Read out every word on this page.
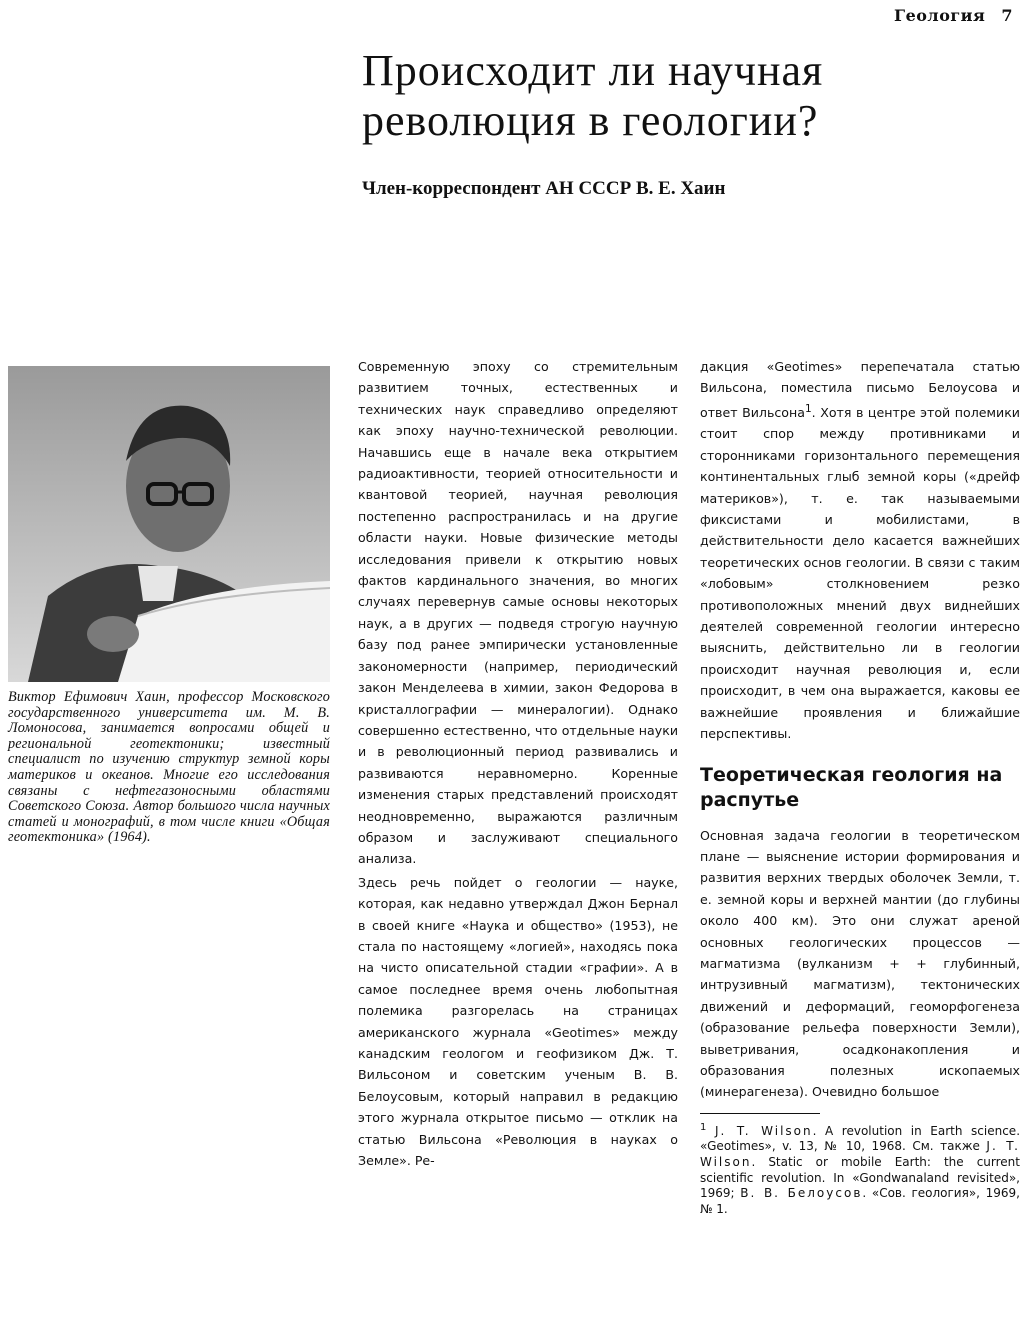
Геология 7
Происходит ли научная
революция в геологии?
Член-корреспондент АН СССР В. Е. Хаин
Виктор Ефимович Хаин, профессор Московского государственного университета им. М. В. Ломоносова, занимается вопросами общей и региональной геотектоники; известный специалист по изучению структур земной коры материков и океанов. Многие его исследования связаны с нефтегазоносными областями Советского Союза. Автор большого числа научных статей и монографий, в том числе книги «Общая геотектоника» (1964).

Современную эпоху со стремительным развитием точных, естественных и технических наук справедливо определяют как эпоху научно-технической революции. Начавшись еще в начале века открытием радиоактивности, теорией относительности и квантовой теорией, научная революция постепенно распространилась и на другие области науки. Новые физические методы исследования привели к открытию новых фактов кардинального значения, во многих случаях перевернув самые основы некоторых наук, а в других — подведя строгую научную базу под ранее эмпирически установленные закономерности (например, периодический закон Менделеева в химии, закон Федорова в кристаллографии — минералогии). Однако совершенно естественно, что отдельные науки и в революционный период развивались и развиваются неравномерно. Коренные изменения старых представлений происходят неодновременно, выражаются различным образом и заслуживают специального анализа.

Здесь речь пойдет о геологии — науке, которая, как недавно утверждал Джон Бернал в своей книге «Наука и общество» (1953), не стала по настоящему «логией», находясь пока на чисто описательной стадии «графии». А в самое последнее время очень любопытная полемика разгорелась на страницах американского журнала «Geotimes» между канадским геологом и геофизиком Дж. Т. Вильсоном и советским ученым В. В. Белоусовым, который направил в редакцию этого журнала открытое письмо — отклик на статью Вильсона «Революция в науках о Земле». Ре-

дакция «Geotimes» перепечатала статью Вильсона, поместила письмо Белоусова и ответ Вильсона$^1$. Хотя в центре этой полемики стоит спор между противниками и сторонниками горизонтального перемещения континентальных глыб земной коры («дрейф материков»), т. е. так называемыми фиксистами и мобилистами, в действительности дело касается важнейших теоретических основ геологии. В связи с таким «лобовым» столкновением резко противоположных мнений двух виднейших деятелей современной геологии интересно выяснить, действительно ли в геологии происходит научная революция и, если происходит, в чем она выражается, каковы ее важнейшие проявления и ближайшие перспективы.

Теоретическая геология на распутье

Основная задача геологии в теоретическом плане — выяснение истории формирования и развития верхних твердых оболочек Земли, т. е. земной коры и верхней мантии (до глубины около 400 км). Это они служат ареной основных геологических процессов — магматизма (вулканизм + + глубинный, интрузивный магматизм), тектонических движений и деформаций, геоморфогенеза (образование рельефа поверхности Земли), выветривания, осадконакопления и образования полезных ископаемых (минерагенеза). Очевидно большое

$^1$ J. T. Wilson. A revolution in Earth science. «Geotimes», v. 13, № 10, 1968. См. также J. T. Wilson. Static or mobile Earth: the current scientific revolution. In «Gondwanaland revisited», 1969; В. В. Белоусов. «Сов. геология», 1969, № 1.
